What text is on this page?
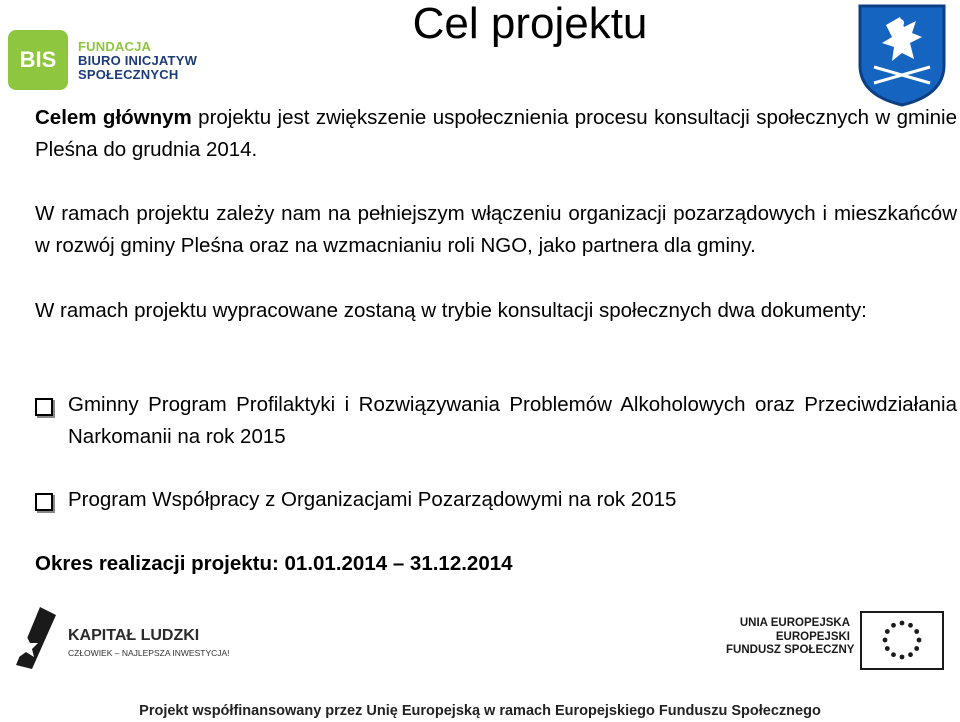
Cel projektu
BIS
FUNDACJA
BIURO INICJATYW
SPOŁECZNYCH
Celem głównym projektu jest zwiększenie uspołecznienia procesu konsultacji społecznych w gminie Pleśna do grudnia 2014.
W ramach projektu zależy nam na pełniejszym włączeniu organizacji pozarządowych i mieszkańców w rozwój gminy Pleśna oraz na wzmacnianiu roli NGO, jako partnera dla gminy.
W ramach projektu wypracowane zostaną w trybie konsultacji społecznych dwa dokumenty:
Gminny Program Profilaktyki i Rozwiązywania Problemów Alkoholowych oraz Przeciwdziałania Narkomanii na rok 2015
Program Współpracy z Organizacjami Pozarządowymi na rok 2015
Okres realizacji projektu: 01.01.2014 – 31.12.2014
KAPITAŁ LUDZKI
CZŁOWIEK – NAJLEPSZA INWESTYCJA!
UNIA EUROPEJSKA
EUROPEJSKI
FUNDUSZ SPOŁECZNY
Projekt współfinansowany przez Unię Europejską w ramach Europejskiego Funduszu Społecznego
